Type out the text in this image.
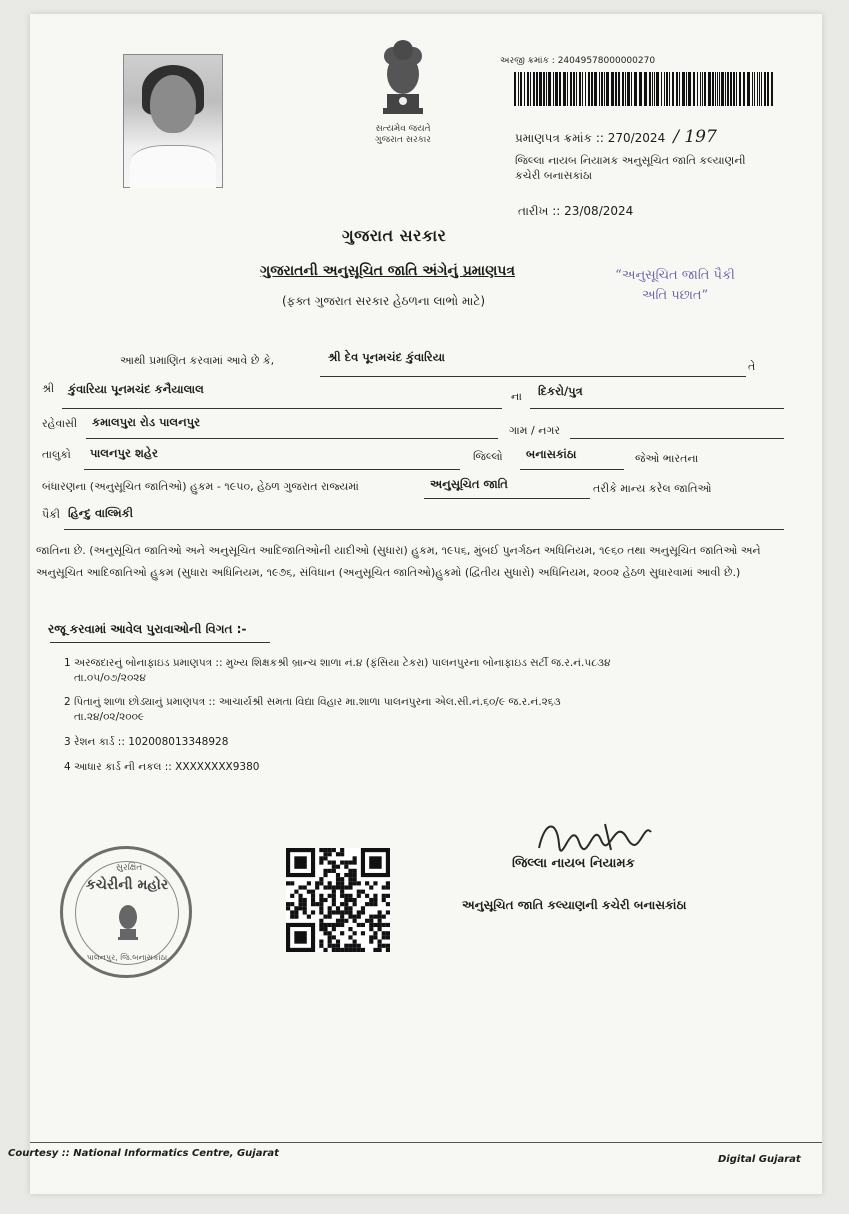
સત્યમેવ જયતે
ગુજરાત સરકાર
અરજી ક્રમાંક : 24049578000000270
પ્રમાણપત્ર ક્રમાંક :: 270/2024 / 197
જિલ્લા નાયબ નિયામક અનુસૂચિત જાતિ કલ્યાણની
કચેરી બનાસકાંઠા
તારીખ :: 23/08/2024
ગુજરાત સરકાર
ગુજરાતની અનુસૂચિત જાતિ અંગેનું પ્રમાણપત્ર
(ફક્ત ગુજરાત સરકાર હેઠળના લાભો માટે)
“અનુસૂચિત જાતિ પૈકી
અતિ પછાત”
આથી પ્રમાણિત કરવામાં આવે છે કે,	શ્રી દેવ પૂનમચંદ કુંવારિયા
તે
શ્રી કુંવારિયા પૂનમચંદ કનૈયાલાલ
ના દિકરો/પુત્ર
રહેવાસી કમાલપુરા રોડ પાલનપુર
ગામ / નગર
તાલુકો પાલનપુર શહેર	જિલ્લો બનાસકાંઠા	જેઓ ભારતના
બંધારણના (અનુસૂચિત જાતિઓ) હુકમ - ૧૯૫૦, હેઠળ ગુજરાત રાજ્યમાં	અનુસૂચિત જાતિ	તરીકે માન્ય કરેલ જાતિઓ
પૈકી હિન્દુ વાલ્મિકી
જાતિના છે. (અનુસૂચિત જાતિઓ અને અનુસૂચિત આદિજાતિઓની યાદીઓ (સુધારા) હુકમ, ૧૯૫૬, મુંબઈ પુનર્ગઠન અધિનિયમ, ૧૯૬૦ તથા અનુસૂચિત જાતિઓ અને અનુસૂચિત આદિજાતિઓ હુકમ (સુધારા અધિનિયમ, ૧૯૭૬, સંવિધાન (અનુસૂચિત જાતિઓ)હુકમો (દ્વિતીય સુધારો) અધિનિયમ, ૨૦૦૨ હેઠળ સુધારવામાં આવી છે.)
રજૂ કરવામાં આવેલ પુરાવાઓની વિગત :-
1 અરજદારનું બોનાફાઇડ પ્રમાણપત્ર :: મુખ્ય શિક્ષકશ્રી બ્રાન્ચ શાળા નં.૪ (ફંસિયા ટેકરા) પાલનપુરના બોનાફાઇડ સર્ટી જ.ર.નં.૫૮૩૪
તા.૦૫/૦૭/૨૦૨૪
2 પિતાનું શાળા છોડ્યાનું પ્રમાણપત્ર :: આચાર્યશ્રી સમતા વિદ્યા વિહાર મા.શાળા પાલનપુરના એલ.સી.નં.૬૦/૯ જ.ર.નં.૨૬૩
તા.૨૪/૦૨/૨૦૦૯
3 રેશન કાર્ડ :: 102008013348928
4 આધાર કાર્ડ ની નકલ :: XXXXXXXX9380
સુરક્ષિત
કચેરીની મહોર
પાલનપુર, જિ.બનાસકાંઠા
જિલ્લા નાયબ નિયામક
અનુસૂચિત જાતિ કલ્યાણની કચેરી બનાસકાંઠા
Courtesy :: National Informatics Centre, Gujarat
Digital Gujarat
